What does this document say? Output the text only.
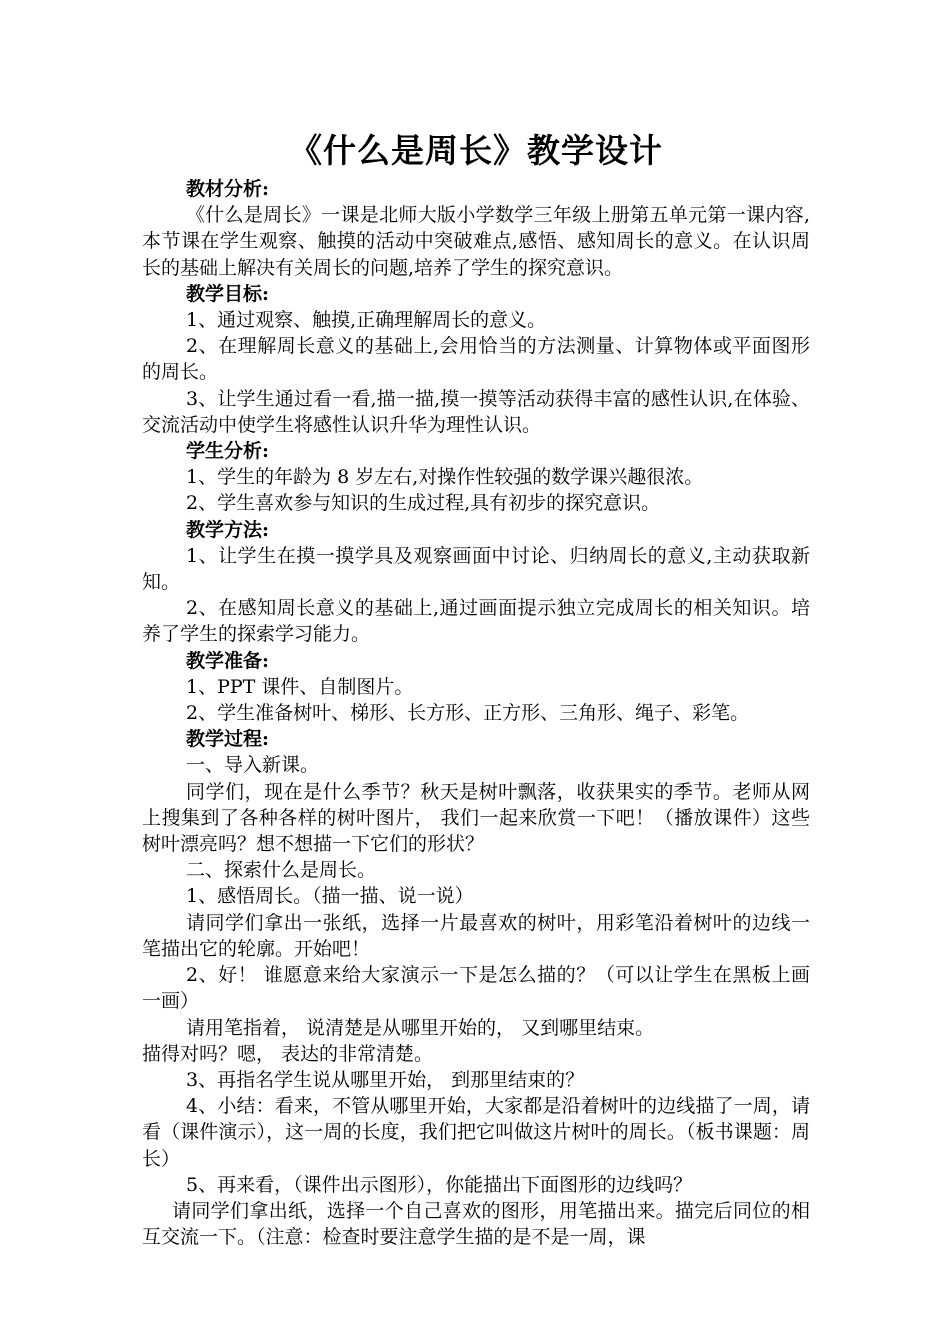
《什么是周长》教学设计

教材分析:

《什么是周长》一课是北师大版小学数学三年级上册第五单元第一课内容,本节课在学生观察、触摸的活动中突破难点,感悟、感知周长的意义。在认识周长的基础上解决有关周长的问题,培养了学生的探究意识。

教学目标:

1、通过观察、触摸,正确理解周长的意义。

2、在理解周长意义的基础上,会用恰当的方法测量、计算物体或平面图形的周长。

3、让学生通过看一看,描一描,摸一摸等活动获得丰富的感性认识,在体验、交流活动中使学生将感性认识升华为理性认识。

学生分析:

1、学生的年龄为 8 岁左右,对操作性较强的数学课兴趣很浓。

2、学生喜欢参与知识的生成过程,具有初步的探究意识。

教学方法:

1、让学生在摸一摸学具及观察画面中讨论、归纳周长的意义,主动获取新知。

2、在感知周长意义的基础上,通过画面提示独立完成周长的相关知识。培养了学生的探索学习能力。

教学准备:

1、PPT 课件、自制图片。

2、学生准备树叶、梯形、长方形、正方形、三角形、绳子、彩笔。

教学过程:

一、导入新课。

同学们，现在是什么季节？秋天是树叶飘落，收获果实的季节。老师从网上搜集到了各种各样的树叶图片， 我们一起来欣赏一下吧！（播放课件）这些树叶漂亮吗？想不想描一下它们的形状？

二、探索什么是周长。

1、感悟周长。（描一描、说一说）

请同学们拿出一张纸，选择一片最喜欢的树叶，用彩笔沿着树叶的边线一笔描出它的轮廓。开始吧！

2、好！ 谁愿意来给大家演示一下是怎么描的？（可以让学生在黑板上画一画）

请用笔指着， 说清楚是从哪里开始的， 又到哪里结束。

描得对吗？嗯， 表达的非常清楚。

3、再指名学生说从哪里开始， 到那里结束的？

4、小结：看来，不管从哪里开始，大家都是沿着树叶的边线描了一周，请看（课件演示），这一周的长度，我们把它叫做这片树叶的周长。（板书课题：周长）

5、再来看，（课件出示图形），你能描出下面图形的边线吗？

请同学们拿出纸，选择一个自己喜欢的图形，用笔描出来。描完后同位的相互交流一下。（注意：检查时要注意学生描的是不是一周，课
